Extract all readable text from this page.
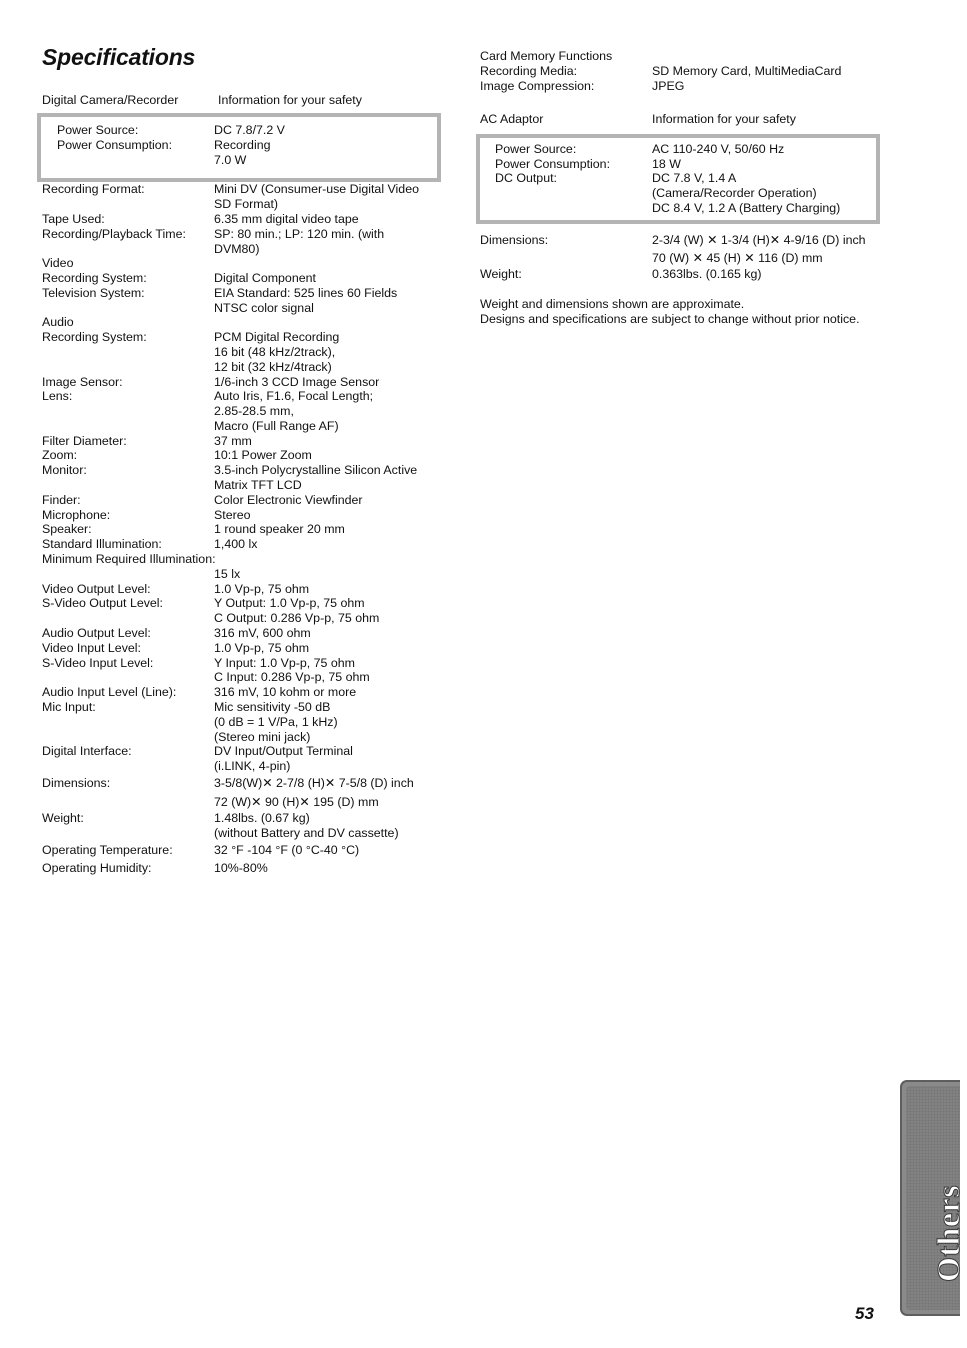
Specifications
Digital Camera/Recorder	Information for your safety
Power Source:	DC 7.8/7.2 V
Power Consumption:	Recording
7.0 W
Recording Format:	Mini DV (Consumer-use Digital Video
SD Format)
Tape Used:	6.35 mm digital video tape
Recording/Playback Time: SP: 80 min.; LP: 120 min. (with
DVM80)
Video
Recording System:	Digital Component
Television System:	EIA Standard: 525 lines 60 Fields
NTSC color signal
Audio
Recording System:	PCM Digital Recording
16 bit (48 kHz/2track),
12 bit (32 kHz/4track)
Image Sensor:	1/6-inch 3 CCD Image Sensor
Lens:	Auto Iris, F1.6, Focal Length;
2.85-28.5 mm,
Macro (Full Range AF)
Filter Diameter:	37 mm
Zoom:	10:1 Power Zoom
Monitor:	3.5-inch Polycrystalline Silicon Active
Matrix TFT LCD
Finder:	Color Electronic Viewfinder
Microphone:	Stereo
Speaker:	1 round speaker 20 mm
Standard Illumination:	1,400 lx
Minimum Required Illumination:
15 lx
Video Output Level:	1.0 Vp-p, 75 ohm
S-Video Output Level:	Y Output: 1.0 Vp-p, 75 ohm
C Output: 0.286 Vp-p, 75 ohm
Audio Output Level:	316 mV, 600 ohm
Video Input Level:	1.0 Vp-p, 75 ohm
S-Video Input Level:	Y Input: 1.0 Vp-p, 75 ohm
C Input: 0.286 Vp-p, 75 ohm
Audio Input Level (Line):	316 mV, 10 kohm or more
Mic Input:	Mic sensitivity -50 dB
(0 dB = 1 V/Pa, 1 kHz)
(Stereo mini jack)
Digital Interface:	DV Input/Output Terminal
(i.LINK, 4-pin)
Dimensions:	3-5/8(W)✕ 2-7/8 (H)✕ 7-5/8 (D) inch
72 (W)✕ 90 (H)✕ 195 (D) mm
Weight:	1.48lbs. (0.67 kg)
(without Battery and DV cassette)
Operating Temperature:	32 °F -104 °F (0 °C-40 °C)
Operating Humidity:	10%-80%
Card Memory Functions
Recording Media:	SD Memory Card, MultiMediaCard
Image Compression:	JPEG
AC Adaptor	Information for your safety
Power Source:	AC 110-240 V, 50/60 Hz
Power Consumption:	18 W
DC Output:	DC 7.8 V, 1.4 A
(Camera/Recorder Operation)
DC 8.4 V, 1.2 A (Battery Charging)
Dimensions:	2-3/4 (W) ✕ 1-3/4 (H)✕ 4-9/16 (D) inch
70 (W) ✕ 45 (H) ✕ 116 (D) mm
Weight:	0.363lbs. (0.165 kg)
Weight and dimensions shown are approximate.
Designs and specifications are subject to change without prior notice.
Others
53
